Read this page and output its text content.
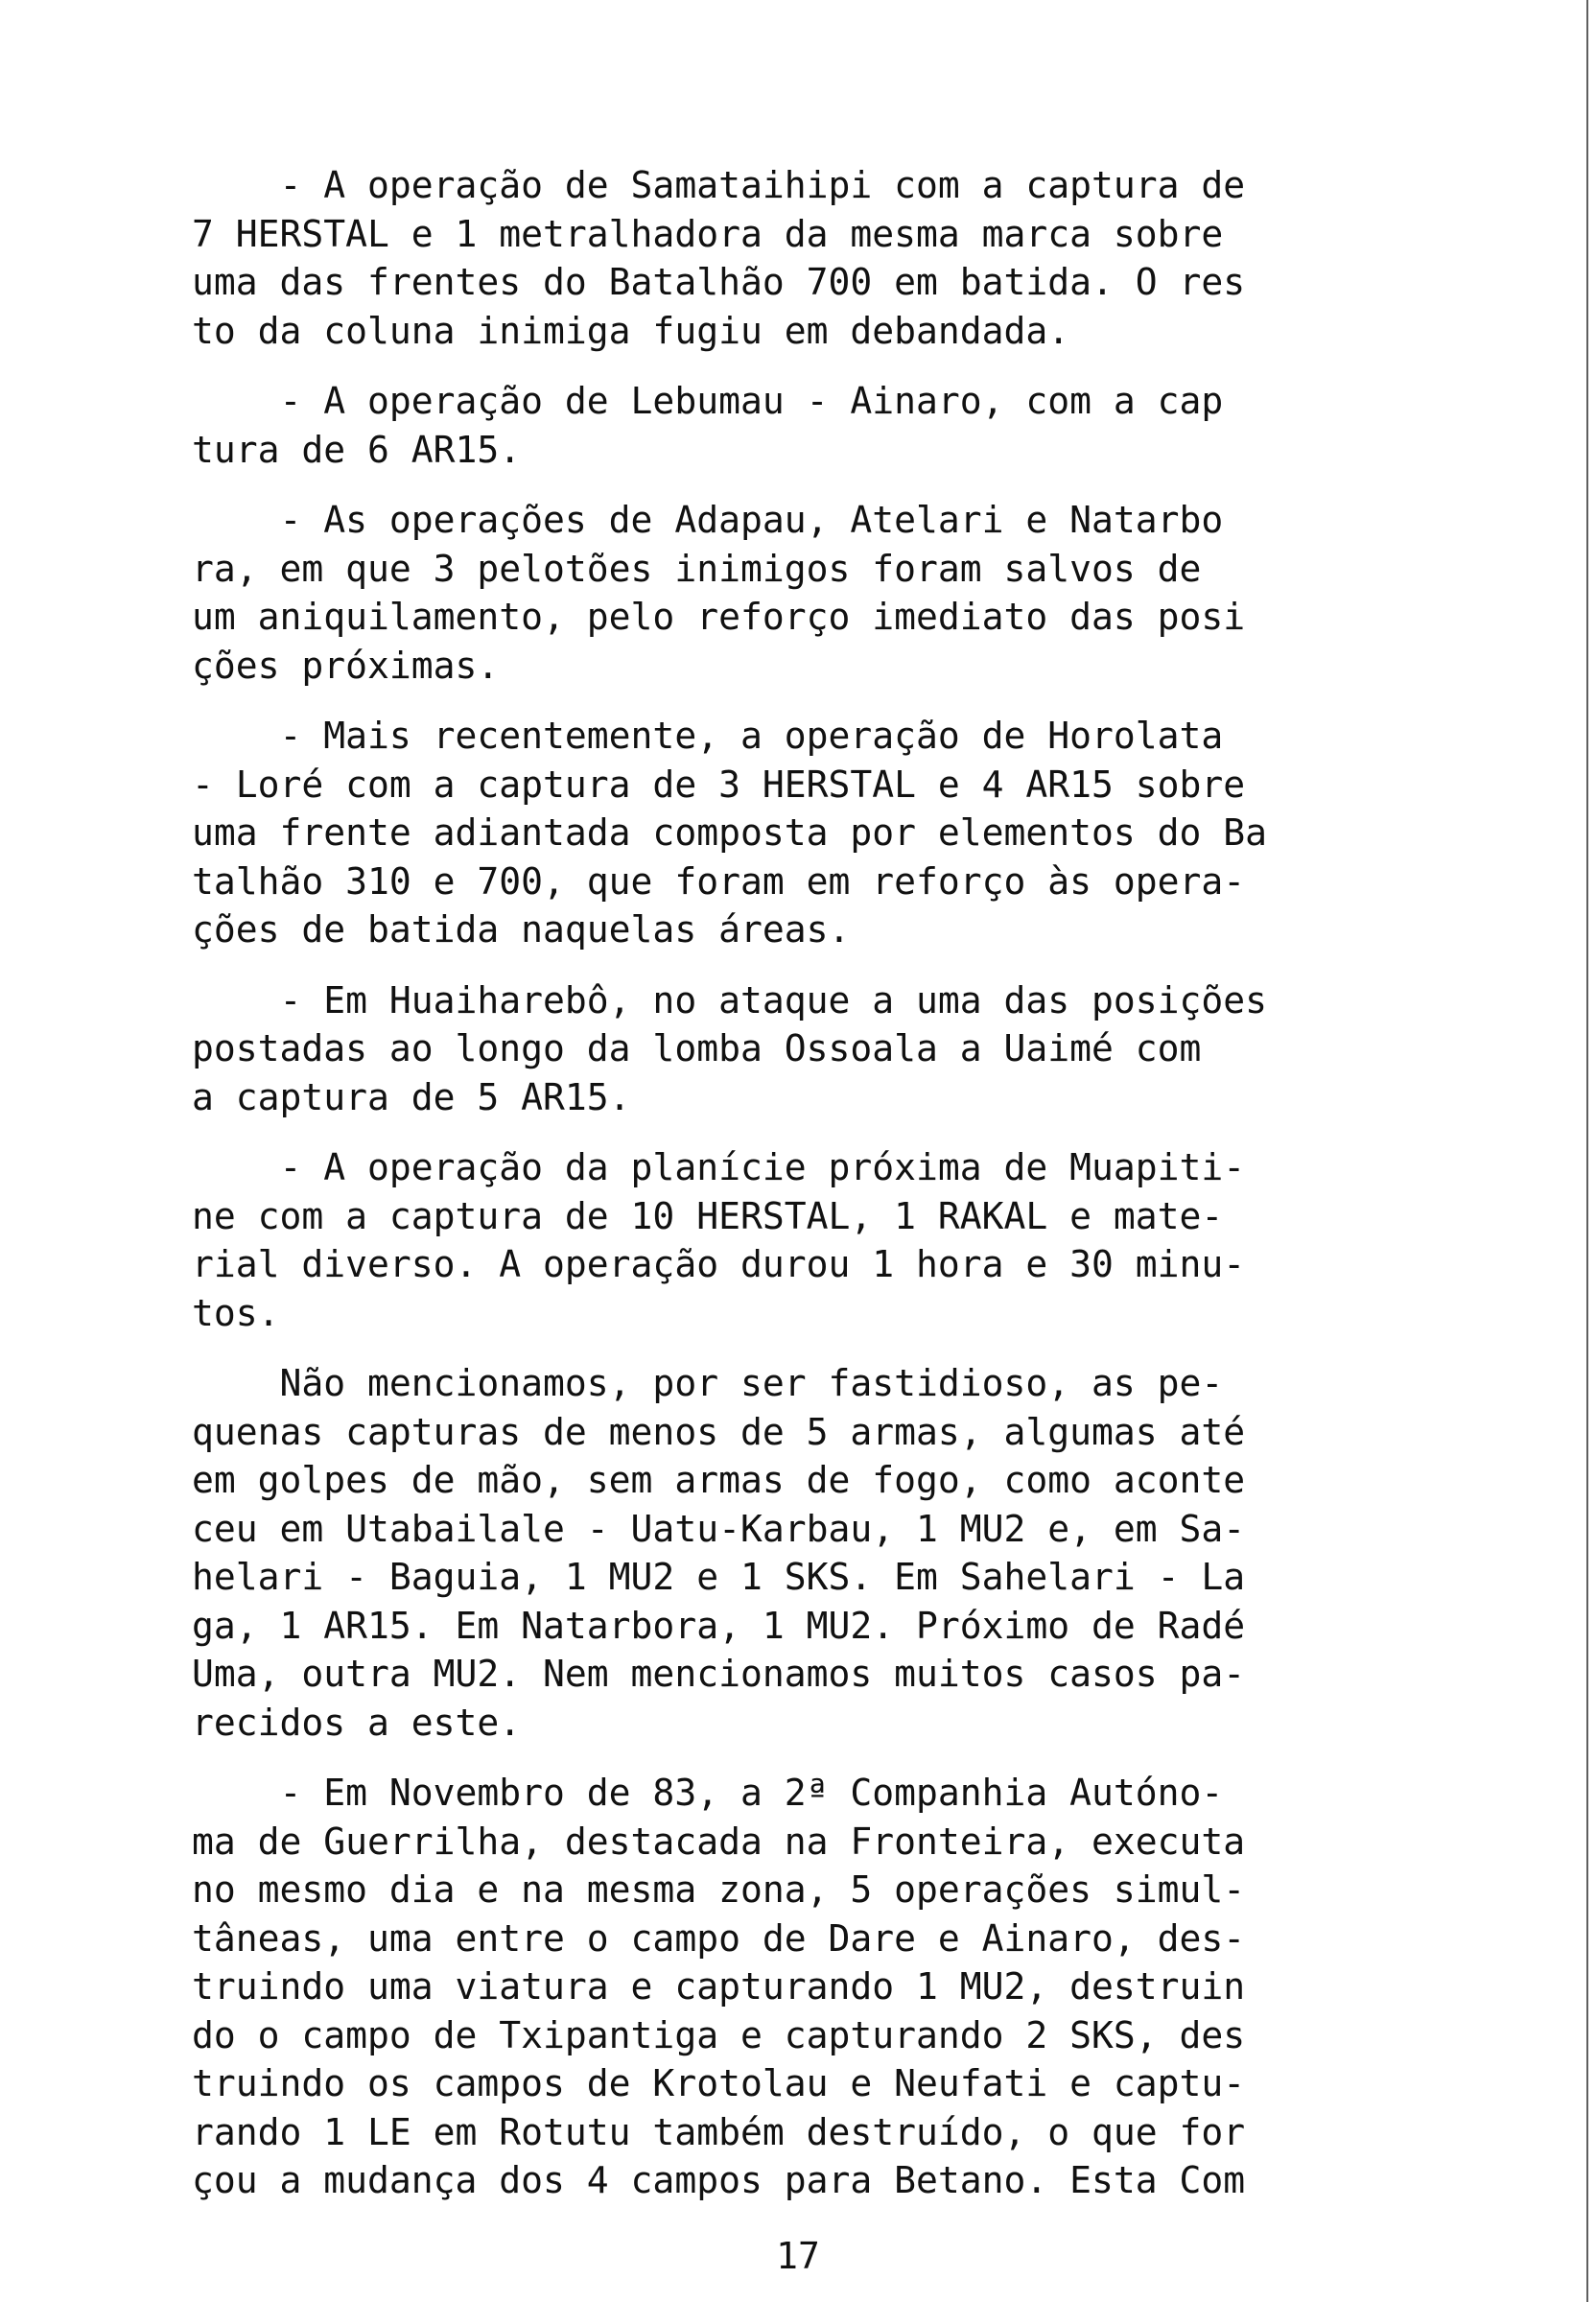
- A operação de Samataihipi com a captura de
7 HERSTAL e 1 metralhadora da mesma marca sobre
uma das frentes do Batalhão 700 em batida. O res
to da coluna inimiga fugiu em debandada.

- A operação de Lebumau - Ainaro, com a cap
tura de 6 AR15.

- As operações de Adapau, Atelari e Natarbo
ra, em que 3 pelotões inimigos foram salvos de
um aniquilamento, pelo reforço imediato das posi
ções próximas.

- Mais recentemente, a operação de Horolata
- Loré com a captura de 3 HERSTAL e 4 AR15 sobre
uma frente adiantada composta por elementos do Ba
talhão 310 e 700, que foram em reforço às opera-
ções de batida naquelas áreas.

- Em Huaiharebô, no ataque a uma das posições
postadas ao longo da lomba Ossoala a Uaimé com
a captura de 5 AR15.

- A operação da planície próxima de Muapiti-
ne com a captura de 10 HERSTAL, 1 RAKAL e mate-
rial diverso. A operação durou 1 hora e 30 minu-
tos.

Não mencionamos, por ser fastidioso, as pe-
quenas capturas de menos de 5 armas, algumas até
em golpes de mão, sem armas de fogo, como aconte
ceu em Utabailale - Uatu-Karbau, 1 MU2 e, em Sa-
helari - Baguia, 1 MU2 e 1 SKS. Em Sahelari - La
ga, 1 AR15. Em Natarbora, 1 MU2. Próximo de Radé
Uma, outra MU2. Nem mencionamos muitos casos pa-
recidos a este.

- Em Novembro de 83, a 2ª Companhia Autóno-
ma de Guerrilha, destacada na Fronteira, executa
no mesmo dia e na mesma zona, 5 operações simul-
tâneas, uma entre o campo de Dare e Ainaro, des-
truindo uma viatura e capturando 1 MU2, destruin
do o campo de Txipantiga e capturando 2 SKS, des
truindo os campos de Krotolau e Neufati e captu-
rando 1 LE em Rotutu também destruído, o que for
çou a mudança dos 4 campos para Betano. Esta Com

17
